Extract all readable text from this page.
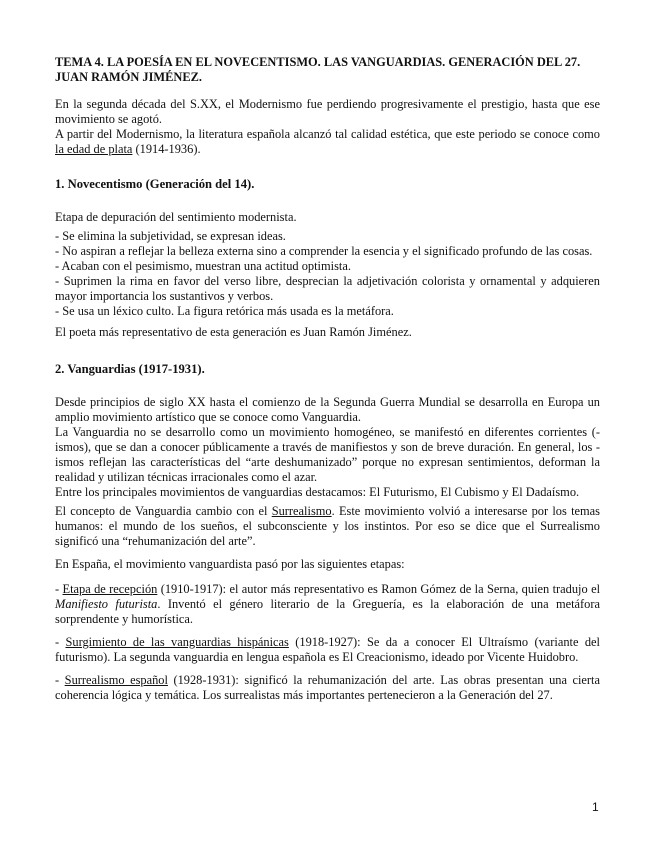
TEMA 4. LA POESÍA EN EL NOVECENTISMO. LAS VANGUARDIAS. GENERACIÓN DEL 27. JUAN RAMÓN JIMÉNEZ.

En la segunda década del S.XX, el Modernismo fue perdiendo progresivamente el prestigio, hasta que ese movimiento se agotó.

A partir del Modernismo, la literatura española alcanzó tal calidad estética, que este periodo se conoce como la edad de plata (1914-1936).

1. Novecentismo (Generación del 14).

Etapa de depuración del sentimiento modernista.

- Se elimina la subjetividad, se expresan ideas.

- No aspiran a reflejar la belleza externa sino a comprender la esencia y el significado profundo de las cosas.

- Acaban con el pesimismo, muestran una actitud optimista.

- Suprimen la rima en favor del verso libre, desprecian la adjetivación colorista y ornamental y adquieren mayor importancia los sustantivos y verbos.

- Se usa un léxico culto. La figura retórica más usada es la metáfora.

El poeta más representativo de esta generación es Juan Ramón Jiménez.

2. Vanguardias (1917-1931).

Desde principios de siglo XX hasta el comienzo de la Segunda Guerra Mundial se desarrolla en Europa un amplio movimiento artístico que se conoce como Vanguardia.

La Vanguardia no se desarrollo como un movimiento homogéneo, se manifestó en diferentes corrientes (-ismos), que se dan a conocer públicamente a través de manifiestos y son de breve duración. En general, los -ismos reflejan las características del “arte deshumanizado” porque no expresan sentimientos, deforman la realidad y utilizan técnicas irracionales como el azar.

Entre los principales movimientos de vanguardias destacamos: El Futurismo, El Cubismo y El Dadaísmo.

El concepto de Vanguardia cambio con el Surrealismo. Este movimiento volvió a interesarse por los temas humanos: el mundo de los sueños, el subconsciente y los instintos. Por eso se dice que el Surrealismo significó una “rehumanización del arte”.

En España, el movimiento vanguardista pasó por las siguientes etapas:

- Etapa de recepción (1910-1917): el autor más representativo es Ramon Gómez de la Serna, quien tradujo el Manifiesto futurista. Inventó el género literario de la Greguería, es la elaboración de una metáfora sorprendente y humorística.

- Surgimiento de las vanguardias hispánicas (1918-1927): Se da a conocer El Ultraísmo (variante del futurismo). La segunda vanguardia en lengua española es El Creacionismo, ideado por Vicente Huidobro.

- Surrealismo español (1928-1931): significó la rehumanización del arte. Las obras presentan una cierta coherencia lógica y temática. Los surrealistas más importantes pertenecieron a la Generación del 27.

1
